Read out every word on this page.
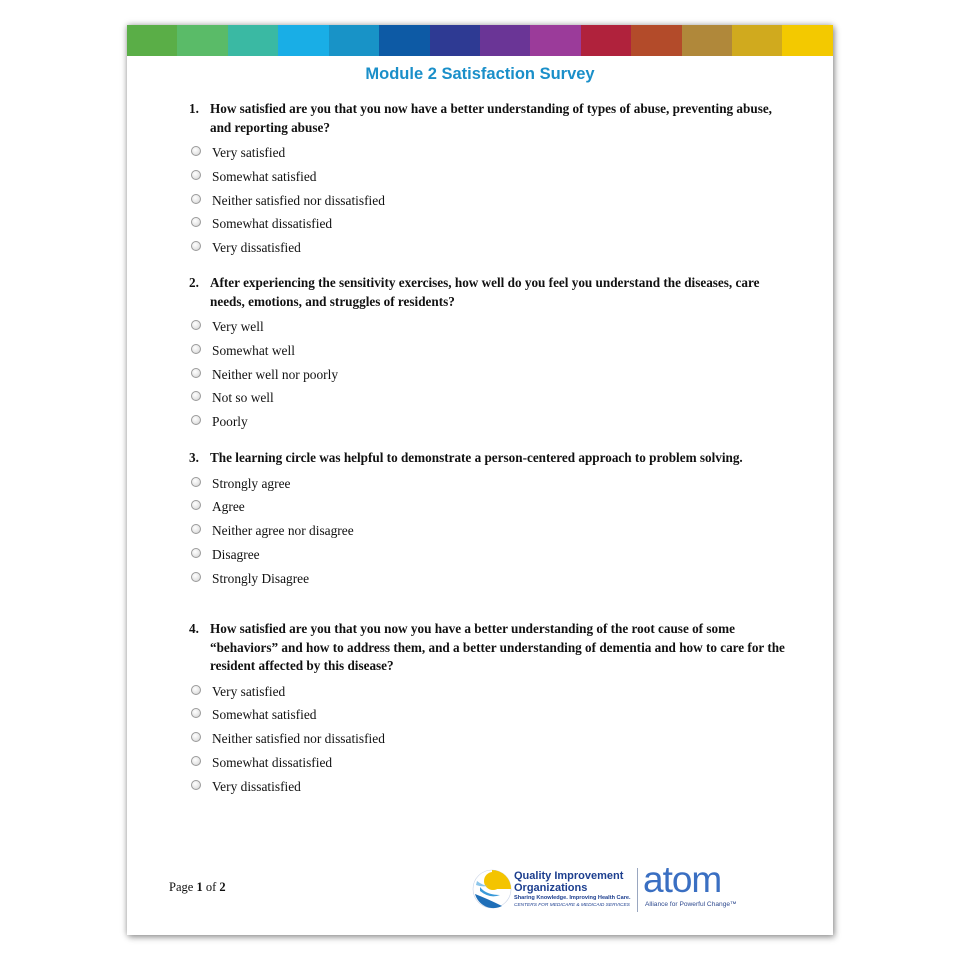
Module 2 Satisfaction Survey
1. How satisfied are you that you now have a better understanding of types of abuse, preventing abuse, and reporting abuse?
Very satisfied
Somewhat satisfied
Neither satisfied nor dissatisfied
Somewhat dissatisfied
Very dissatisfied
2. After experiencing the sensitivity exercises, how well do you feel you understand the diseases, care needs, emotions, and struggles of residents?
Very well
Somewhat well
Neither well nor poorly
Not so well
Poorly
3. The learning circle was helpful to demonstrate a person-centered approach to problem solving.
Strongly agree
Agree
Neither agree nor disagree
Disagree
Strongly Disagree
4. How satisfied are you that you now you have a better understanding of the root cause of some “behaviors” and how to address them, and a better understanding of dementia and how to care for the resident affected by this disease?
Very satisfied
Somewhat satisfied
Neither satisfied nor dissatisfied
Somewhat dissatisfied
Very dissatisfied
Page 1 of 2
Quality Improvement Organizations
Sharing Knowledge. Improving Health Care.
CENTERS FOR MEDICARE & MEDICAID SERVICES
atom
Alliance for Powerful Change™
